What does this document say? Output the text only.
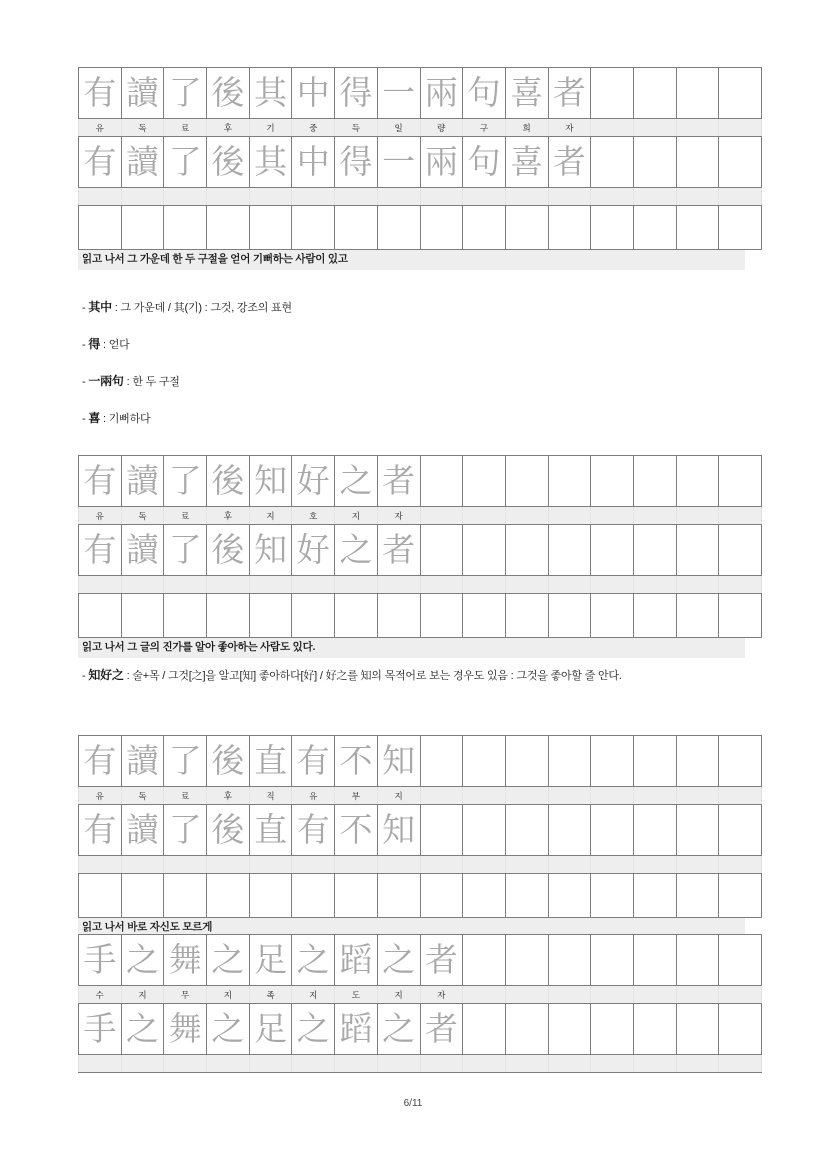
有	讀	了	後	其	中	得	一	兩	句	喜	者				
유	독	료	후	기	중	득	일	량	구	희	자				
有	讀	了	後	其	中	得	一	兩	句	喜	者				

읽고 나서 그 가운데 한 두 구절을 얻어 기뻐하는 사람이 있고
- 其中 : 그 가운데 / 其(기) : 그것, 강조의 표현
- 得 : 얻다
- 一兩句 : 한 두 구절
- 喜 : 기뻐하다
有	讀	了	後	知	好	之	者								
유	독	료	후	지	호	지	자								
有	讀	了	後	知	好	之	者								

읽고 나서 그 글의 진가를 알아 좋아하는 사람도 있다.
- 知好之 : 술+목 / 그것[之]을 알고[知] 좋아하다[好] / 好之를 知의 목적어로 보는 경우도 있음 : 그것을 좋아할 줄 안다.
有	讀	了	後	直	有	不	知								
유	독	료	후	직	유	부	지								
有	讀	了	後	直	有	不	知								

읽고 나서 바로 자신도 모르게
手	之	舞	之	足	之	蹈	之	者							
수	지	무	지	족	지	도	지	자							
手	之	舞	之	足	之	蹈	之	者							

6/11
